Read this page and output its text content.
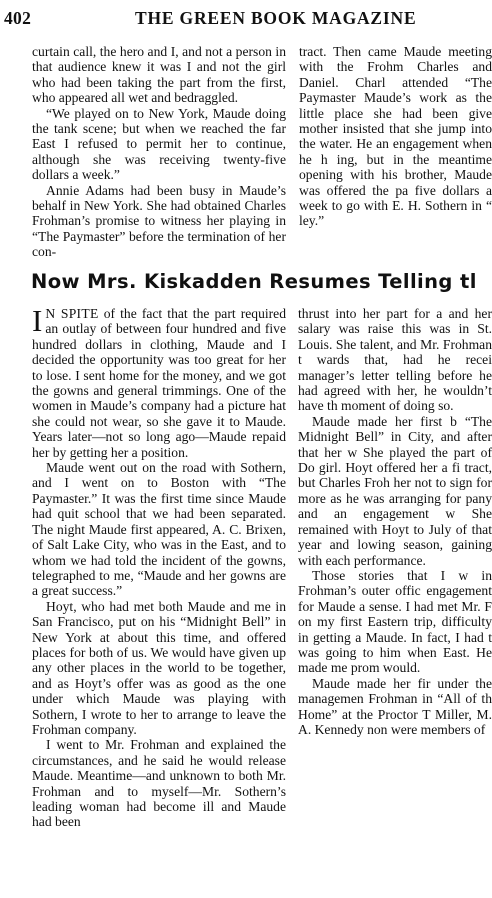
402	THE GREEN BOOK MAGAZINE

curtain call, the hero and I, and not a person in that audience knew it was I and not the girl who had been taking the part from the first, who appeared all wet and bedraggled.

“We played on to New York, Maude doing the tank scene; but when we reached the far East I refused to permit her to continue, although she was receiving twenty-five dollars a week.”

Annie Adams had been busy in Maude’s behalf in New York. She had obtained Charles Frohman’s promise to witness her playing in “The Paymaster” before the termination of her con-

tract. Then came Maude meeting with the Frohm Charles and Daniel. Charl attended “The Paymaster Maude’s work as the little place she had been give mother insisted that she jump into the water. He an engagement when he h ing, but in the meantime opening with his brother, Maude was offered the pa five dollars a week to go with E. H. Sothern in “ ley.”

Now Mrs. Kiskadden Resumes Telling tl

I N SPITE of the fact that the part required an outlay of between four hundred and five hundred dollars in clothing, Maude and I decided the opportunity was too great for her to lose. I sent home for the money, and we got the gowns and general trimmings. One of the women in Maude’s company had a picture hat she could not wear, so she gave it to Maude. Years later—not so long ago—Maude repaid her by getting her a position.

Maude went out on the road with Sothern, and I went on to Boston with “The Paymaster.” It was the first time since Maude had quit school that we had been separated. The night Maude first appeared, A. C. Brixen, of Salt Lake City, who was in the East, and to whom we had told the incident of the gowns, telegraphed to me, “Maude and her gowns are a great success.”

Hoyt, who had met both Maude and me in San Francisco, put on his “Midnight Bell” in New York at about this time, and offered places for both of us. We would have given up any other places in the world to be together, and as Hoyt’s offer was as good as the one under which Maude was playing with Sothern, I wrote to her to arrange to leave the Frohman company.

I went to Mr. Frohman and explained the circumstances, and he said he would release Maude. Meantime—and unknown to both Mr. Frohman and to myself—Mr. Sothern’s leading woman had become ill and Maude had been

thrust into her part for a and her salary was raise this was in St. Louis. She talent, and Mr. Frohman t wards that, had he recei manager’s letter telling before he had agreed with her, he wouldn’t have th moment of doing so.

Maude made her first b “The Midnight Bell” in City, and after that her w She played the part of Do girl. Hoyt offered her a fi tract, but Charles Froh her not to sign for more as he was arranging for pany and an engagement w She remained with Hoyt to July of that year and lowing season, gaining with each performance.

Those stories that I w in Frohman’s outer offic engagement for Maude a sense. I had met Mr. F on my first Eastern trip, difficulty in getting a Maude. In fact, I had t was going to him when East. He made me prom would.

Maude made her fir under the managemen Frohman in “All of th Home” at the Proctor T Miller, M. A. Kennedy non were members of
